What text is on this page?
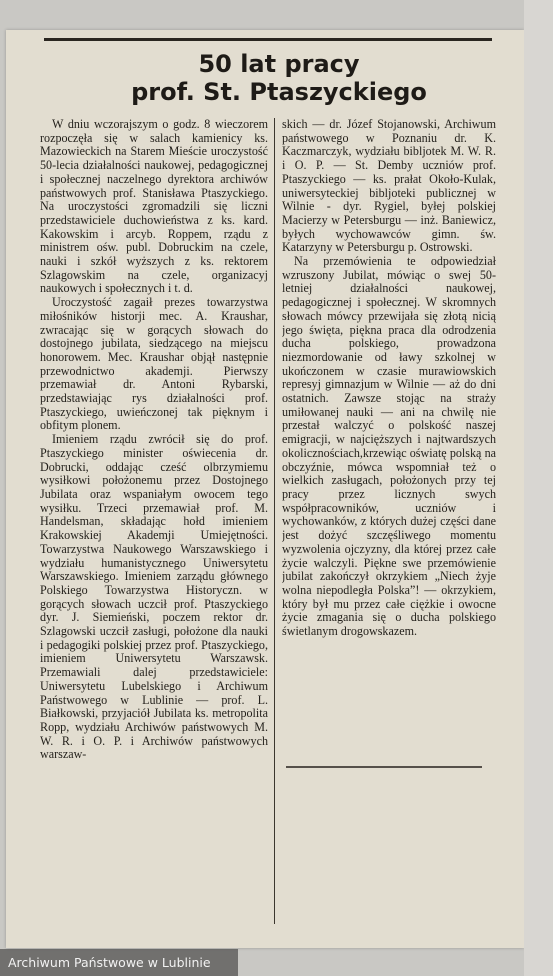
50 lat pracy
prof. St. Ptaszyckiego

W dniu wczorajszym o godz. 8 wieczorem rozpoczęła się w salach kamienicy ks. Mazowieckich na Starem Mieście uroczystość 50-lecia działalności naukowej, pedagogicznej i społecznej naczelnego dyrektora archiwów państwowych prof. Stanisława Ptaszyckiego. Na uroczystości zgromadzili się liczni przedstawiciele duchowieństwa z ks. kard. Kakowskim i arcyb. Roppem, rządu z ministrem ośw. publ. Dobruckim na czele, nauki i szkół wyższych z ks. rektorem Szlagowskim na czele, organizacyj naukowych i społecznych i t. d.

Uroczystość zagaił prezes towarzystwa miłośników historji mec. A. Kraushar, zwracając się w gorących słowach do dostojnego jubilata, siedzącego na miejscu honorowem. Mec. Kraushar objął następnie przewodnictwo akademji. Pierwszy przemawiał dr. Antoni Rybarski, przedstawiając rys działalności prof. Ptaszyckiego, uwieńczonej tak pięknym i obfitym plonem.

Imieniem rządu zwrócił się do prof. Ptaszyckiego minister oświecenia dr. Dobrucki, oddając cześć olbrzymiemu wysiłkowi położonemu przez Dostojnego Jubilata oraz wspaniałym owocem tego wysiłku. Trzeci przemawiał prof. M. Handelsman, składając hołd imieniem Krakowskiej Akademji Umiejętności. Towarzystwa Naukowego Warszawskiego i wydziału humanistycznego Uniwersytetu Warszawskiego. Imieniem zarządu głównego Polskiego Towarzystwa Historyczn. w gorących słowach uczcił prof. Ptaszyckiego dyr. J. Siemieński, poczem rektor dr. Szlagowski uczcił zasługi, położone dla nauki i pedagogiki polskiej przez prof. Ptaszyckiego, imieniem Uniwersytetu Warszawsk. Przemawiali dalej przedstawiciele: Uniwersytetu Lubelskiego i Archiwum Państwowego w Lublinie — prof. L. Białkowski, przyjaciół Jubilata ks. metropolita Ropp, wydziału Archiwów państwowych M. W. R. i O. P. i Archiwów państwowych warszaw-

skich — dr. Józef Stojanowski, Archiwum państwowego w Poznaniu dr. K. Kaczmarczyk, wydziału bibljotek M. W. R. i O. P. — St. Demby uczniów prof. Ptaszyckiego — ks. prałat Około-Kulak, uniwersyteckiej bibljoteki publicznej w Wilnie - dyr. Rygiel, byłej polskiej Macierzy w Petersburgu — inż. Baniewicz, byłych wychowawców gimn. św. Katarzyny w Petersburgu p. Ostrowski.

Na przemówienia te odpowiedział wzruszony Jubilat, mówiąc o swej 50-letniej działalności naukowej, pedagogicznej i społecznej. W skromnych słowach mówcy przewijała się złotą nicią jego święta, piękna praca dla odrodzenia ducha polskiego, prowadzona niezmordowanie od ławy szkolnej w ukończonem w czasie murawiowskich represyj gimnazjum w Wilnie — aż do dni ostatnich. Zawsze stojąc na straży umiłowanej nauki — ani na chwilę nie przestał walczyć o polskość naszej emigracji, w najcięższych i najtwardszych okolicznościach,krzewiąc oświatę polską na obczyźnie, mówca wspomniał też o wielkich zasługach, położonych przy tej pracy przez licznych swych współpracowników, uczniów i wychowanków, z których dużej części dane jest dożyć szczęśliwego momentu wyzwolenia ojczyzny, dla której przez całe życie walczyli. Piękne swe przemówienie jubilat zakończył okrzykiem „Niech żyje wolna niepodległa Polska”! — okrzykiem, który był mu przez całe ciężkie i owocne życie zmagania się o ducha polskiego świetlanym drogowskazem.

Archiwum Państwowe w Lublinie
